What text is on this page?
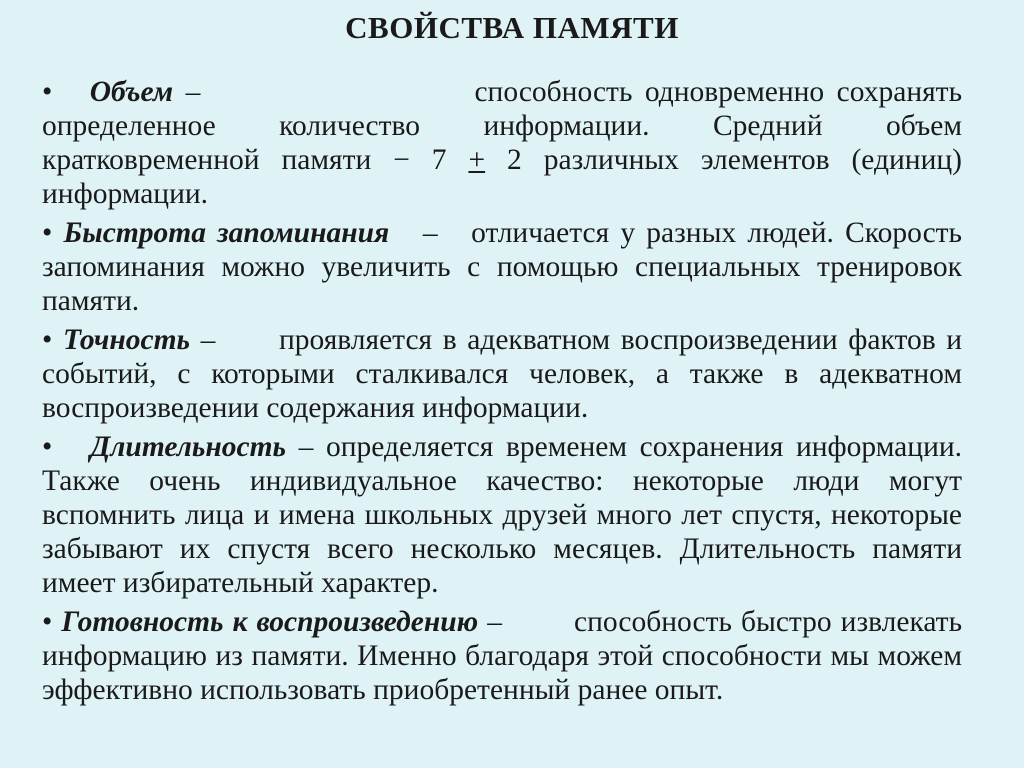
СВОЙСТВА ПАМЯТИ

• Объем –	способность одновременно сохранять определенное количество информации. Средний объем кратковременной памяти − 7 + 2 различных элементов (единиц) информации.

• Быстрота запоминания – отличается у разных людей. Скорость запоминания можно увеличить с помощью специальных тренировок памяти.

• Точность – проявляется в адекватном воспроизведении фактов и событий, с которыми сталкивался человек, а также в адекватном воспроизведении содержания информации.

• Длительность – определяется временем сохранения информации. Также очень индивидуальное качество: некоторые люди могут вспомнить лица и имена школьных друзей много лет спустя, некоторые забывают их спустя всего несколько месяцев. Длительность памяти имеет избирательный характер.

• Готовность к воспроизведению – способность быстро извлекать информацию из памяти. Именно благодаря этой способности мы можем эффективно использовать приобретенный ранее опыт.
